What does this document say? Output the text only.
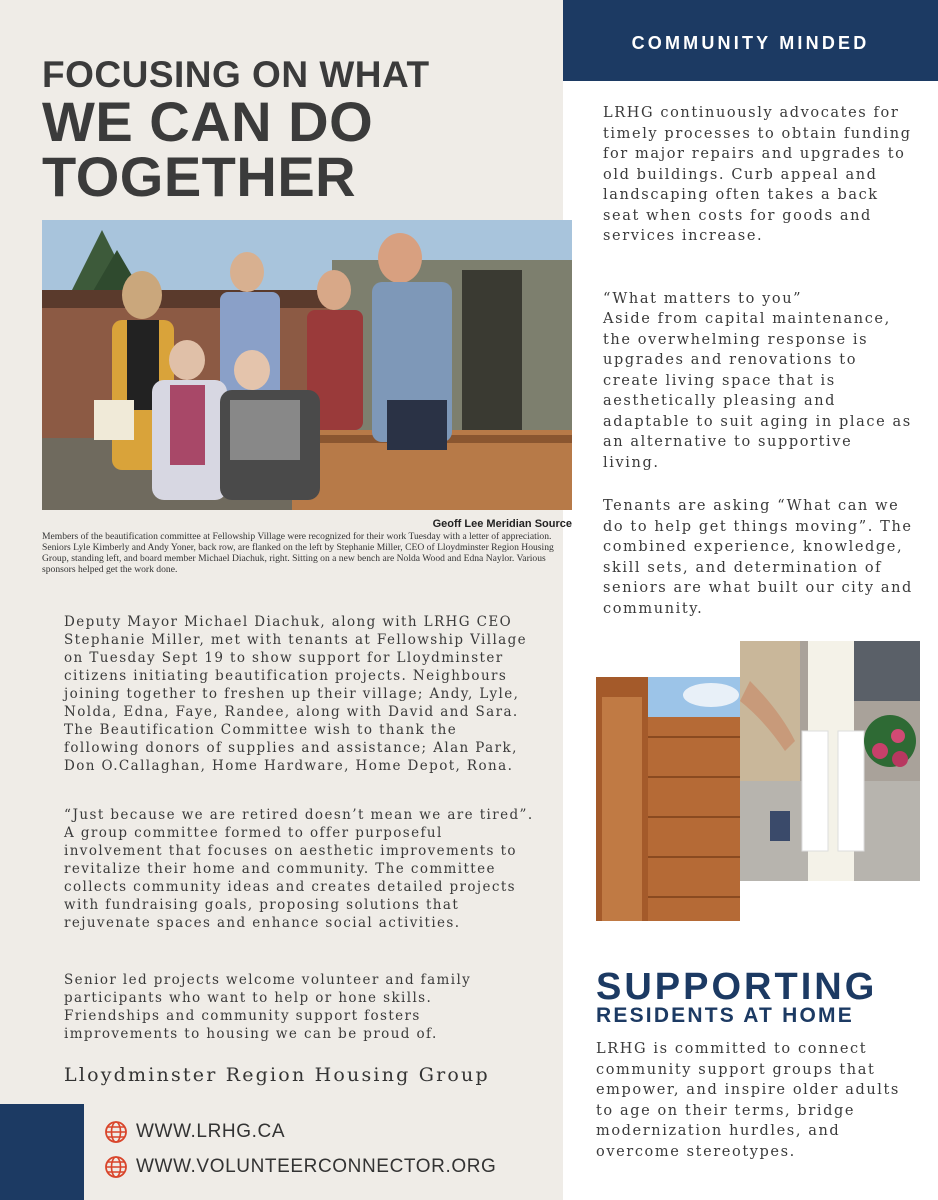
FOCUSING ON WHAT
WE CAN DO
TOGETHER
Geoff Lee Meridian Source
Members of the beautification committee at Fellowship Village were recognized for their work Tuesday with a letter of appreciation. Seniors Lyle Kimberly and Andy Yoner, back row, are flanked on the left by Stephanie Miller, CEO of Lloydminster Region Housing Group, standing left, and board member Michael Diachuk, right. Sitting on a new bench are Nolda Wood and Edna Naylor. Various sponsors helped get the work done.

Deputy Mayor Michael Diachuk, along with LRHG CEO Stephanie Miller, met with tenants at Fellowship Village on Tuesday Sept 19 to show support for Lloydminster citizens initiating beautification projects. Neighbours joining together to freshen up their village; Andy, Lyle, Nolda, Edna, Faye, Randee, along with David and Sara. The Beautification Committee wish to thank the following donors of supplies and assistance; Alan Park, Don O.Callaghan, Home Hardware, Home Depot, Rona.

“Just because we are retired doesn’t mean we are tired”. A group committee formed to offer purposeful involvement that focuses on aesthetic improvements to revitalize their home and community. The committee collects community ideas and creates detailed projects with fundraising goals, proposing solutions that rejuvenate spaces and enhance social activities.

Senior led projects welcome volunteer and family participants who want to help or hone skills. Friendships and community support fosters improvements to housing we can be proud of.

Lloydminster Region Housing Group

WWW.LRHG.CA
WWW.VOLUNTEERCONNECTOR.ORG
COMMUNITY MINDED

LRHG continuously advocates for timely processes to obtain funding for major repairs and upgrades to old buildings. Curb appeal and landscaping often takes a back seat when costs for goods and services increase.

“What matters to you”

Aside from capital maintenance, the overwhelming response is upgrades and renovations to create living space that is aesthetically pleasing and adaptable to suit aging in place as an alternative to supportive living.

Tenants are asking “What can we do to help get things moving”. The combined experience, knowledge, skill sets, and determination of seniors are what built our city and community.

SUPPORTING
RESIDENTS AT HOME

LRHG is committed to connect community support groups that empower, and inspire older adults to age on their terms, bridge modernization hurdles, and overcome stereotypes.
